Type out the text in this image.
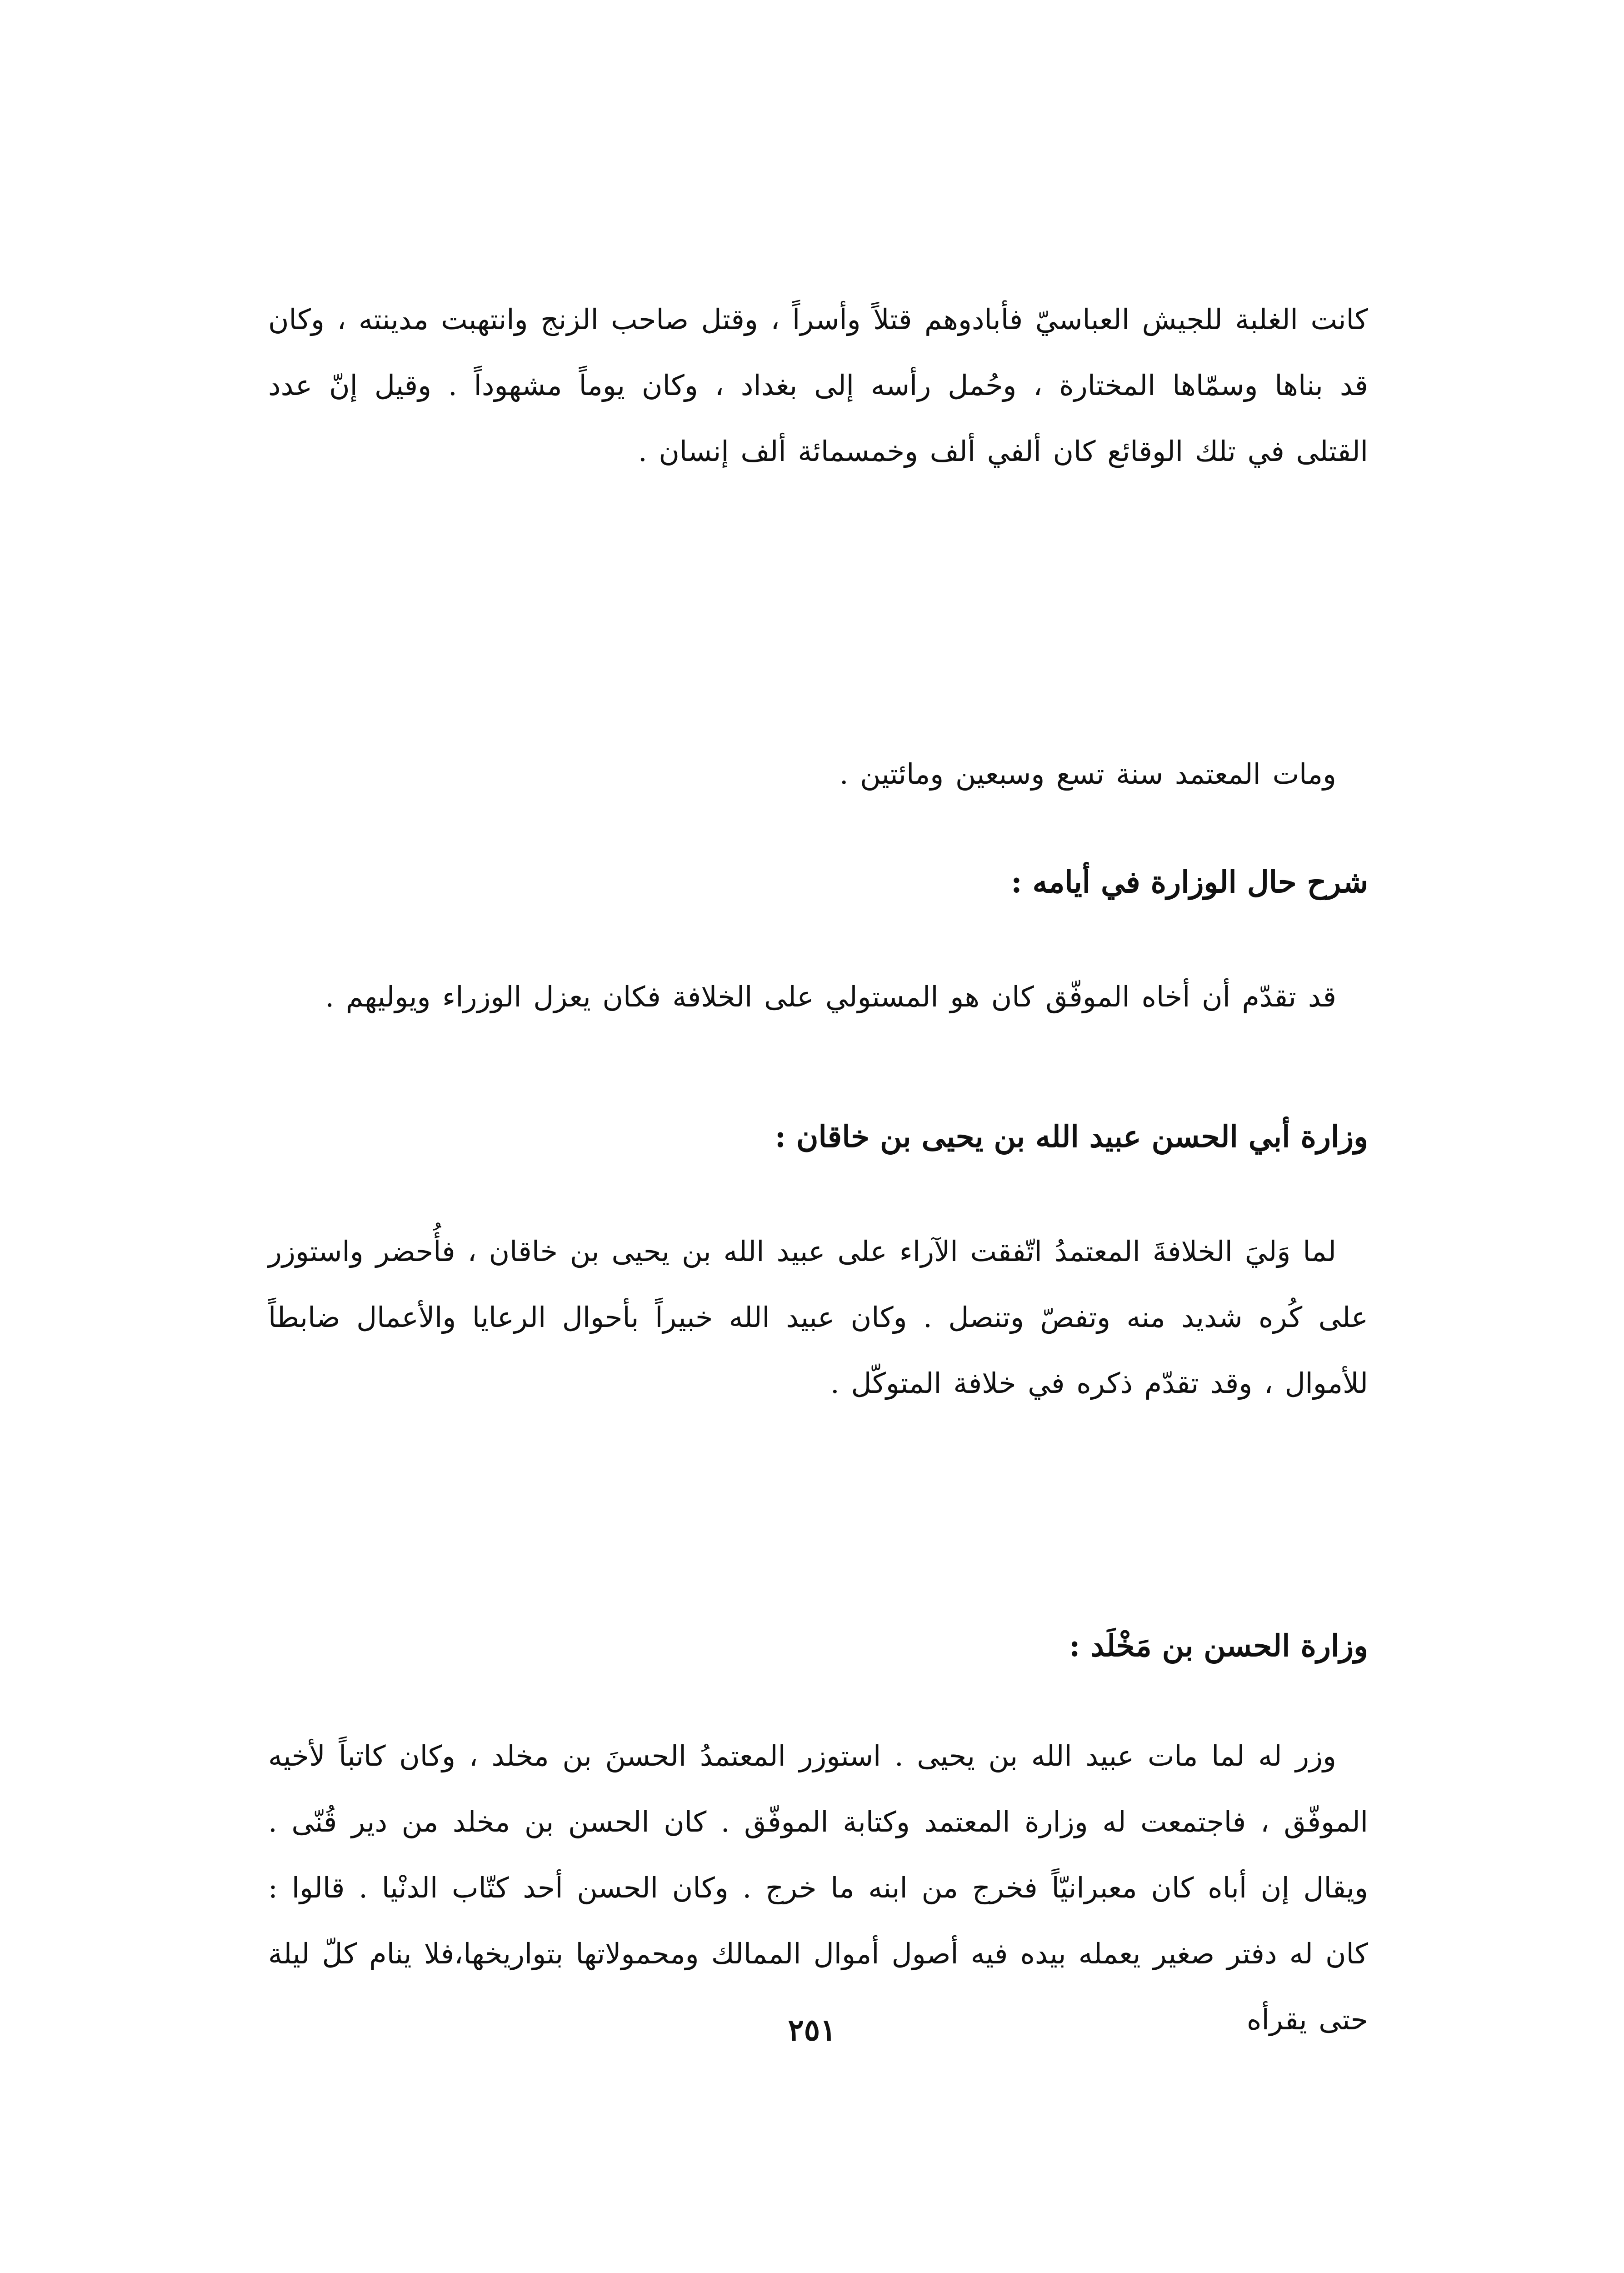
كانت الغلبة للجيش العباسيّ فأبادوهم قتلاً وأسراً ، وقتل صاحب الزنج وانتهبت مدينته ، وكان قد بناها وسمّاها المختارة ، وحُمل رأسه إلى بغداد ، وكان يوماً مشهوداً . وقيل إنّ عدد القتلى في تلك الوقائع كان ألفي ألف وخمسمائة ألف إنسان .

ومات المعتمد سنة تسع وسبعين ومائتين .

شرح حال الوزارة في أيامه :

قد تقدّم أن أخاه الموفّق كان هو المستولي على الخلافة فكان يعزل الوزراء ويوليهم .

وزارة أبي الحسن عبيد الله بن يحيى بن خاقان :

لما وَليَ الخلافةَ المعتمدُ اتّفقت الآراء على عبيد الله بن يحيى بن خاقان ، فأُحضر واستوزر على كُره شديد منه وتفصّ وتنصل . وكان عبيد الله خبيراً بأحوال الرعايا والأعمال ضابطاً للأموال ، وقد تقدّم ذكره في خلافة المتوكّل .

وزارة الحسن بن مَخْلَد :

وزر له لما مات عبيد الله بن يحيى . استوزر المعتمدُ الحسنَ بن مخلد ، وكان كاتباً لأخيه الموفّق ، فاجتمعت له وزارة المعتمد وكتابة الموفّق . كان الحسن بن مخلد من دير قُنّى . ويقال إن أباه كان معبرانيّاً فخرج من ابنه ما خرج . وكان الحسن أحد كتّاب الدنْيا . قالوا : كان له دفتر صغير يعمله بيده فيه أصول أموال الممالك ومحمولاتها بتواريخها،فلا ينام كلّ ليلة حتى يقرأه

٢٥١
